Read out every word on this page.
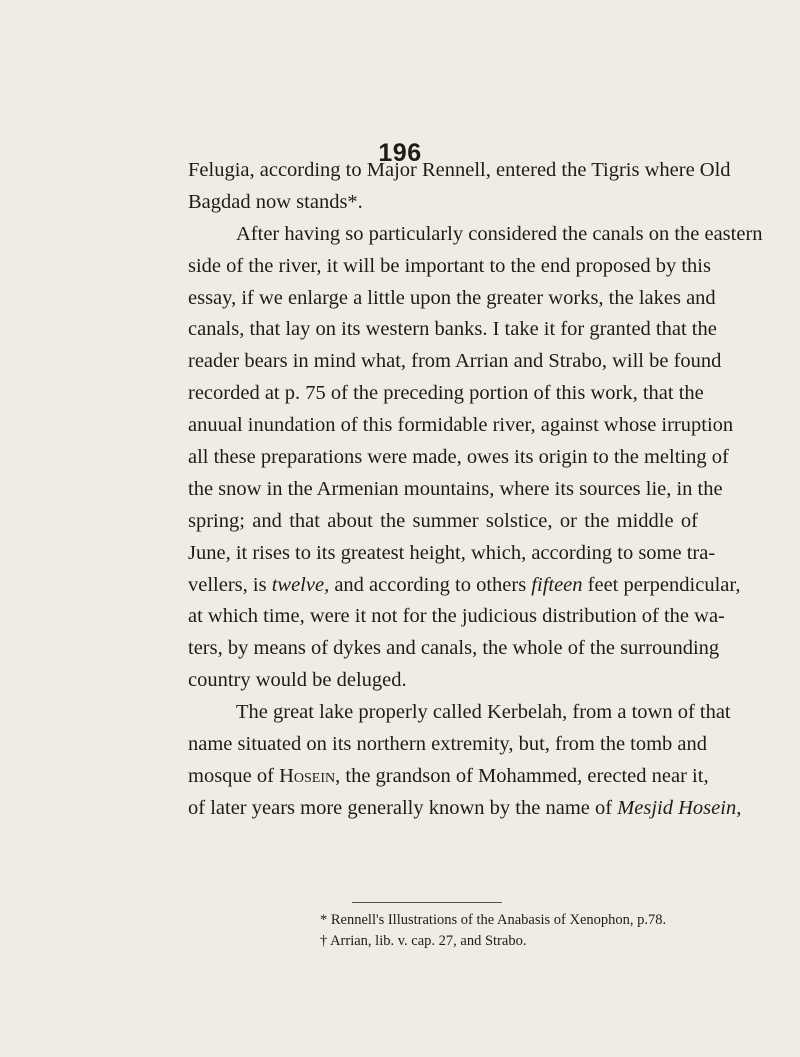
196
Felugia, according to Major Rennell, entered the Tigris where Old
Bagdad now stands*.
After having so particularly considered the canals on the eastern
side of the river, it will be important to the end proposed by this
essay, if we enlarge a little upon the greater works, the lakes and
canals, that lay on its western banks. I take it for granted that the
reader bears in mind what, from Arrian and Strabo, will be found
recorded at p. 75 of the preceding portion of this work, that the
anuual inundation of this formidable river, against whose irruption
all these preparations were made, owes its origin to the melting of
the snow in the Armenian mountains, where its sources lie, in the
spring; and that about the summer solstice, or the middle of
June, it rises to its greatest height, which, according to some tra-
vellers, is twelve, and according to others fifteen feet perpendicular,
at which time, were it not for the judicious distribution of the wa-
ters, by means of dykes and canals, the whole of the surrounding
country would be deluged.
The great lake properly called Kerbelah, from a town of that
name situated on its northern extremity, but, from the tomb and
mosque of Hosein, the grandson of Mohammed, erected near it,
of later years more generally known by the name of Mesjid Hosein,
* Rennell's Illustrations of the Anabasis of Xenophon, p.78.
† Arrian, lib. v. cap. 27, and Strabo.
